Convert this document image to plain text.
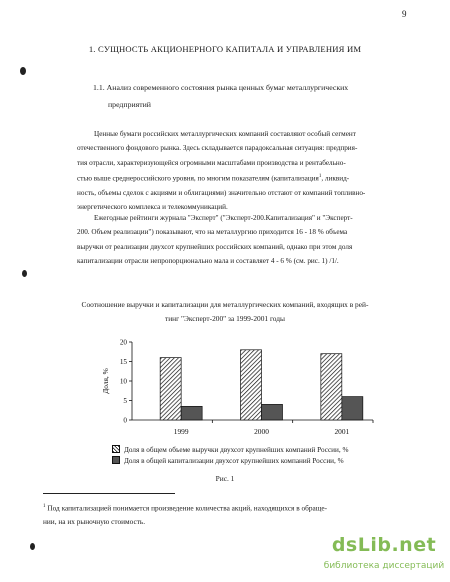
9
1. СУЩНОСТЬ АКЦИОНЕРНОГО КАПИТАЛА И УПРАВЛЕНИЯ ИМ
1.1. Анализ современного состояния рынка ценных бумаг металлургических
предприятий
Ценные бумаги российских металлургических компаний составляют особый сегмент
отечественного фондового рынка. Здесь складывается парадоксальная ситуация: предприя-
тия отрасли, характеризующейся огромными масштабами производства и рентабельно-
стью выше среднероссийского уровня, по многим показателям (капитализация$^1$, ликвид-
ность, объемы сделок с акциями и облигациями) значительно отстают от компаний топливно-
энергетического комплекса и телекоммуникаций.
Ежегодные рейтинги журнала "Эксперт" ("Эксперт-200.Капитализация" и "Эксперт-
200. Объем реализации") показывают, что на металлургию приходится 16 - 18 % объема
выручки от реализации двухсот крупнейших российских компаний, однако при этом доля
капитализации отрасли непропорционально мала и составляет 4 - 6 % (см. рис. 1) /1/.
Соотношение выручки и капитализации для металлургических компаний, входящих в рей-
тинг "Эксперт-200" за 1999-2001 годы
0
5
10
15
20
Доля, %
1999	2000	2001
Доля в общем объеме выручки двухсот крупнейших компаний России, %
Доля в общей капитализации двухсот крупнейших компаний России, %
Рис. 1
$^1$ Под капитализацией понимается произведение количества акций, находящихся в обраще-
нии, на их рыночную стоимость.
dsLib.net
библиотека диссертаций
